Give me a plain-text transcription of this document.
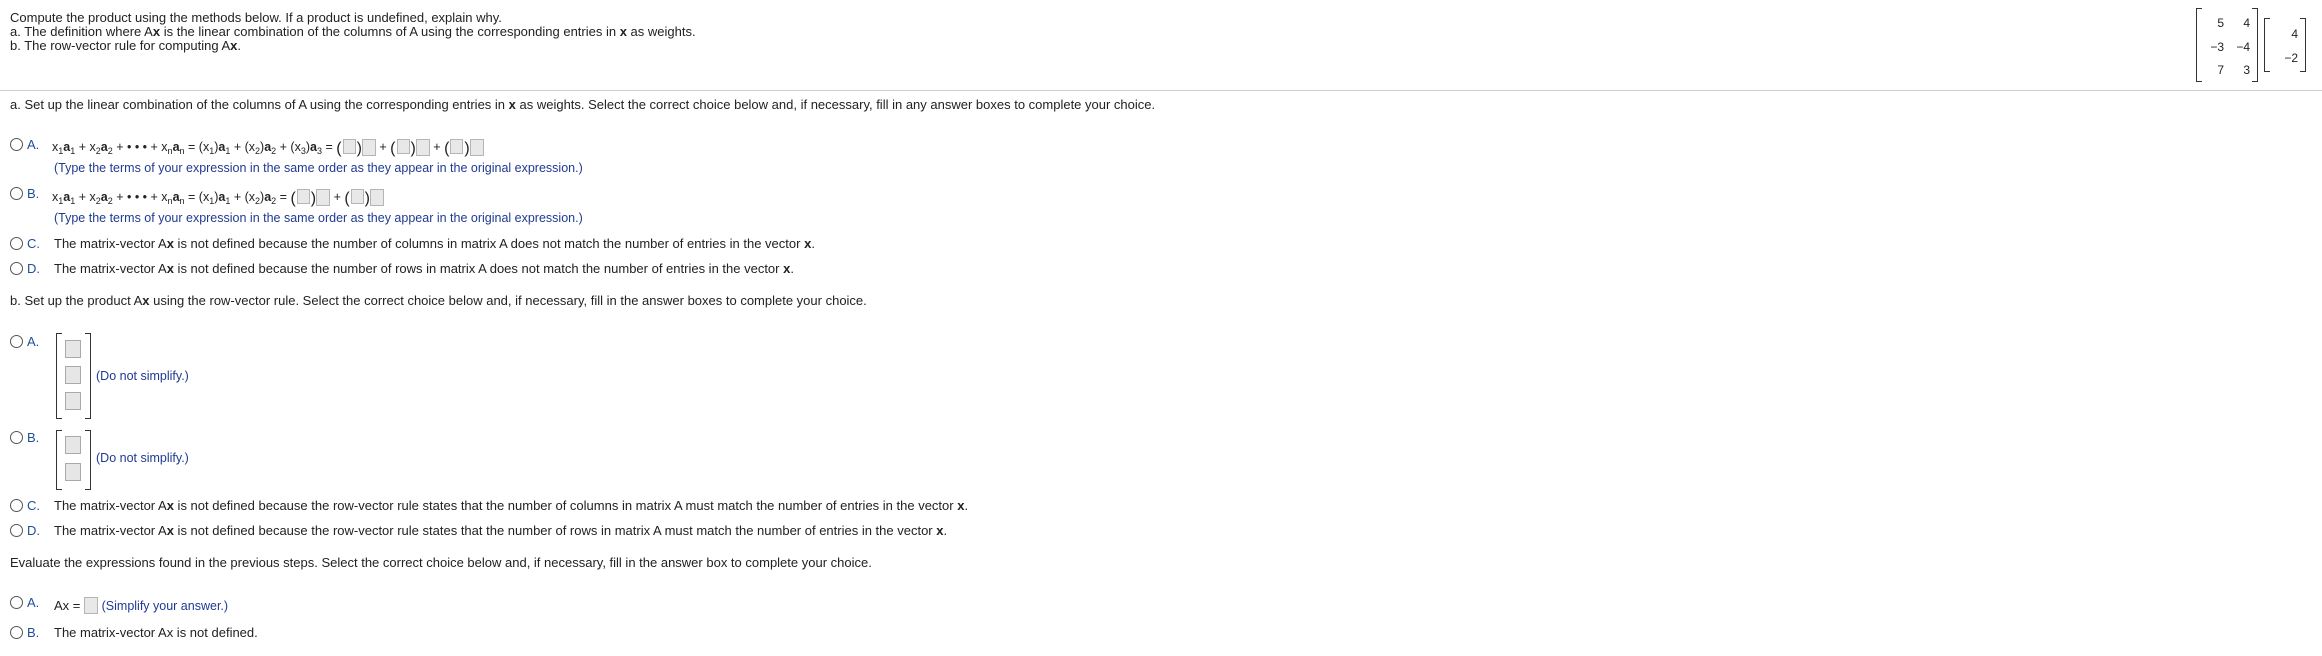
Compute the product using the methods below. If a product is undefined, explain why.
a. The definition where Ax is the linear combination of the columns of A using the corresponding entries in x as weights.
b. The row-vector rule for computing Ax.
5	4
−3	−4
7	3
4
−2
a. Set up the linear combination of the columns of A using the corresponding entries in x as weights. Select the correct choice below and, if necessary, fill in any answer boxes to complete your choice.
A. $x_1a_1 + x_2a_2$ + • • • + $x_na_n = (x_1)a_1 + (x_2)a_2 + (x_3)a_3$ = ( ) + ( ) + ( )
(Type the terms of your expression in the same order as they appear in the original expression.)
B. $x_1a_1 + x_2a_2$ + • • • + $x_na_n = (x_1)a_1 + (x_2)a_2$ = ( ) + ( )
(Type the terms of your expression in the same order as they appear in the original expression.)
C. The matrix-vector Ax is not defined because the number of columns in matrix A does not match the number of entries in the vector x.
D. The matrix-vector Ax is not defined because the number of rows in matrix A does not match the number of entries in the vector x.
b. Set up the product Ax using the row-vector rule. Select the correct choice below and, if necessary, fill in the answer boxes to complete your choice.
A.
(Do not simplify.)
B.
(Do not simplify.)
C. The matrix-vector Ax is not defined because the row-vector rule states that the number of columns in matrix A must match the number of entries in the vector x.
D. The matrix-vector Ax is not defined because the row-vector rule states that the number of rows in matrix A must match the number of entries in the vector x.
Evaluate the expressions found in the previous steps. Select the correct choice below and, if necessary, fill in the answer box to complete your choice.
A. Ax = (Simplify your answer.)
B. The matrix-vector Ax is not defined.
